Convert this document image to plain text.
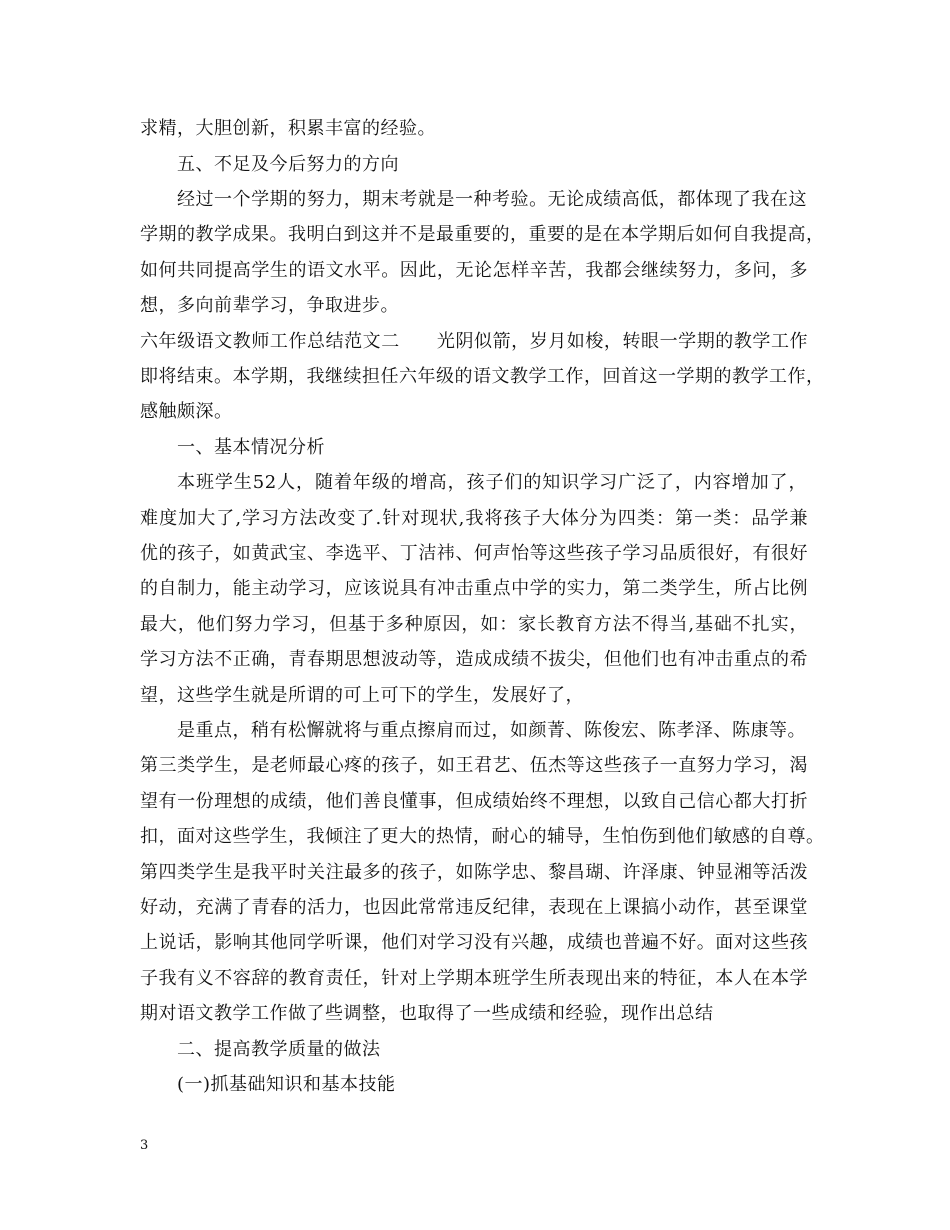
求精，大胆创新，积累丰富的经验。
五、不足及今后努力的方向
经过一个学期的努力，期末考就是一种考验。无论成绩高低，都体现了我在这
学期的教学成果。我明白到这并不是最重要的，重要的是在本学期后如何自我提高，
如何共同提高学生的语文水平。因此，无论怎样辛苦，我都会继续努力，多问，多
想，多向前辈学习，争取进步。
六年级语文教师工作总结范文二　　光阴似箭，岁月如梭，转眼一学期的教学工作
即将结束。本学期，我继续担任六年级的语文教学工作，回首这一学期的教学工作，
感触颇深。
一、基本情况分析
本班学生52人，随着年级的增高，孩子们的知识学习广泛了，内容增加了，
难度加大了,学习方法改变了.针对现状,我将孩子大体分为四类：第一类：品学兼
优的孩子，如黄武宝、李选平、丁洁祎、何声怡等这些孩子学习品质很好，有很好
的自制力，能主动学习，应该说具有冲击重点中学的实力，第二类学生，所占比例
最大，他们努力学习，但基于多种原因，如：家长教育方法不得当,基础不扎实，
学习方法不正确，青春期思想波动等，造成成绩不拔尖，但他们也有冲击重点的希
望，这些学生就是所谓的可上可下的学生，发展好了，
是重点，稍有松懈就将与重点擦肩而过，如颜菁、陈俊宏、陈孝泽、陈康等。
第三类学生，是老师最心疼的孩子，如王君艺、伍杰等这些孩子一直努力学习，渴
望有一份理想的成绩，他们善良懂事，但成绩始终不理想，以致自己信心都大打折
扣，面对这些学生，我倾注了更大的热情，耐心的辅导，生怕伤到他们敏感的自尊。
第四类学生是我平时关注最多的孩子，如陈学忠、黎昌瑚、许泽康、钟显湘等活泼
好动，充满了青春的活力，也因此常常违反纪律，表现在上课搞小动作，甚至课堂
上说话，影响其他同学听课，他们对学习没有兴趣，成绩也普遍不好。面对这些孩
子我有义不容辞的教育责任，针对上学期本班学生所表现出来的特征，本人在本学
期对语文教学工作做了些调整，也取得了一些成绩和经验，现作出总结
二、提高教学质量的做法
(一)抓基础知识和基本技能
3
